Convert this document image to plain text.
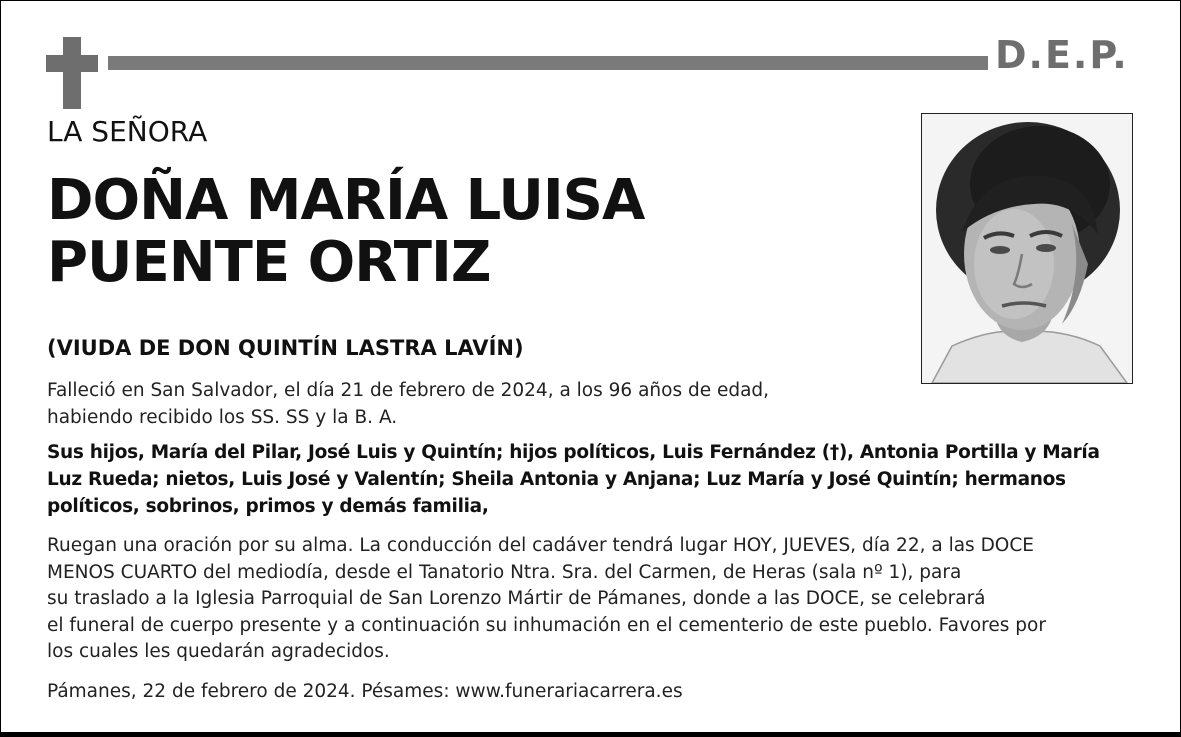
D.E.P.
LA SEÑORA
DOÑA MARÍA LUISA
PUENTE ORTIZ
(VIUDA DE DON QUINTÍN LASTRA LAVÍN)
Falleció en San Salvador, el día 21 de febrero de 2024, a los 96 años de edad,
habiendo recibido los SS. SS y la B. A.
Sus hijos, María del Pilar, José Luis y Quintín; hijos políticos, Luis Fernández (†), Antonia Portilla y María
Luz Rueda; nietos, Luis José y Valentín; Sheila Antonia y Anjana; Luz María y José Quintín; hermanos
políticos, sobrinos, primos y demás familia,
Ruegan una oración por su alma. La conducción del cadáver tendrá lugar HOY, JUEVES, día 22, a las DOCE
MENOS CUARTO del mediodía, desde el Tanatorio Ntra. Sra. del Carmen, de Heras (sala nº 1), para
su traslado a la Iglesia Parroquial de San Lorenzo Mártir de Pámanes, donde a las DOCE, se celebrará
el funeral de cuerpo presente y a continuación su inhumación en el cementerio de este pueblo. Favores por
los cuales les quedarán agradecidos.
Pámanes, 22 de febrero de 2024. Pésames: www.funerariacarrera.es
